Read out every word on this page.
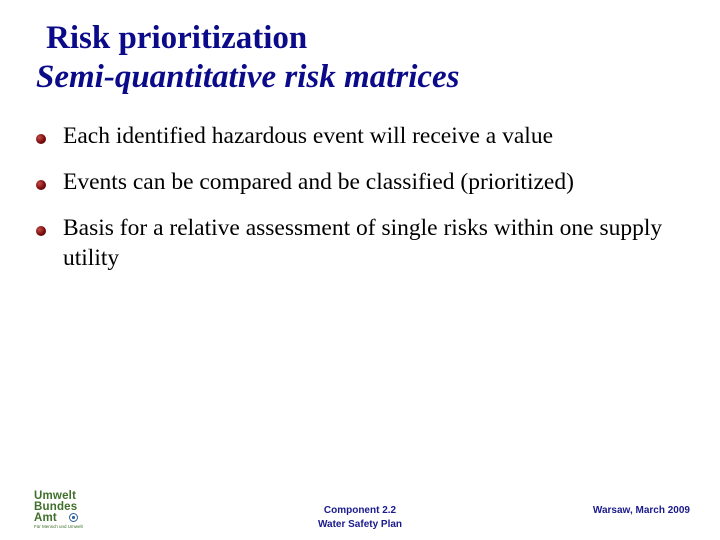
Risk prioritization
Semi-quantitative risk matrices
Each identified hazardous event will receive a value
Events can be compared and be classified (prioritized)
Basis for a relative assessment of single risks within one supply utility
Umwelt
Bundes
Amt
Für Mensch und Umwelt
Component 2.2
Water Safety Plan
Warsaw, March 2009
